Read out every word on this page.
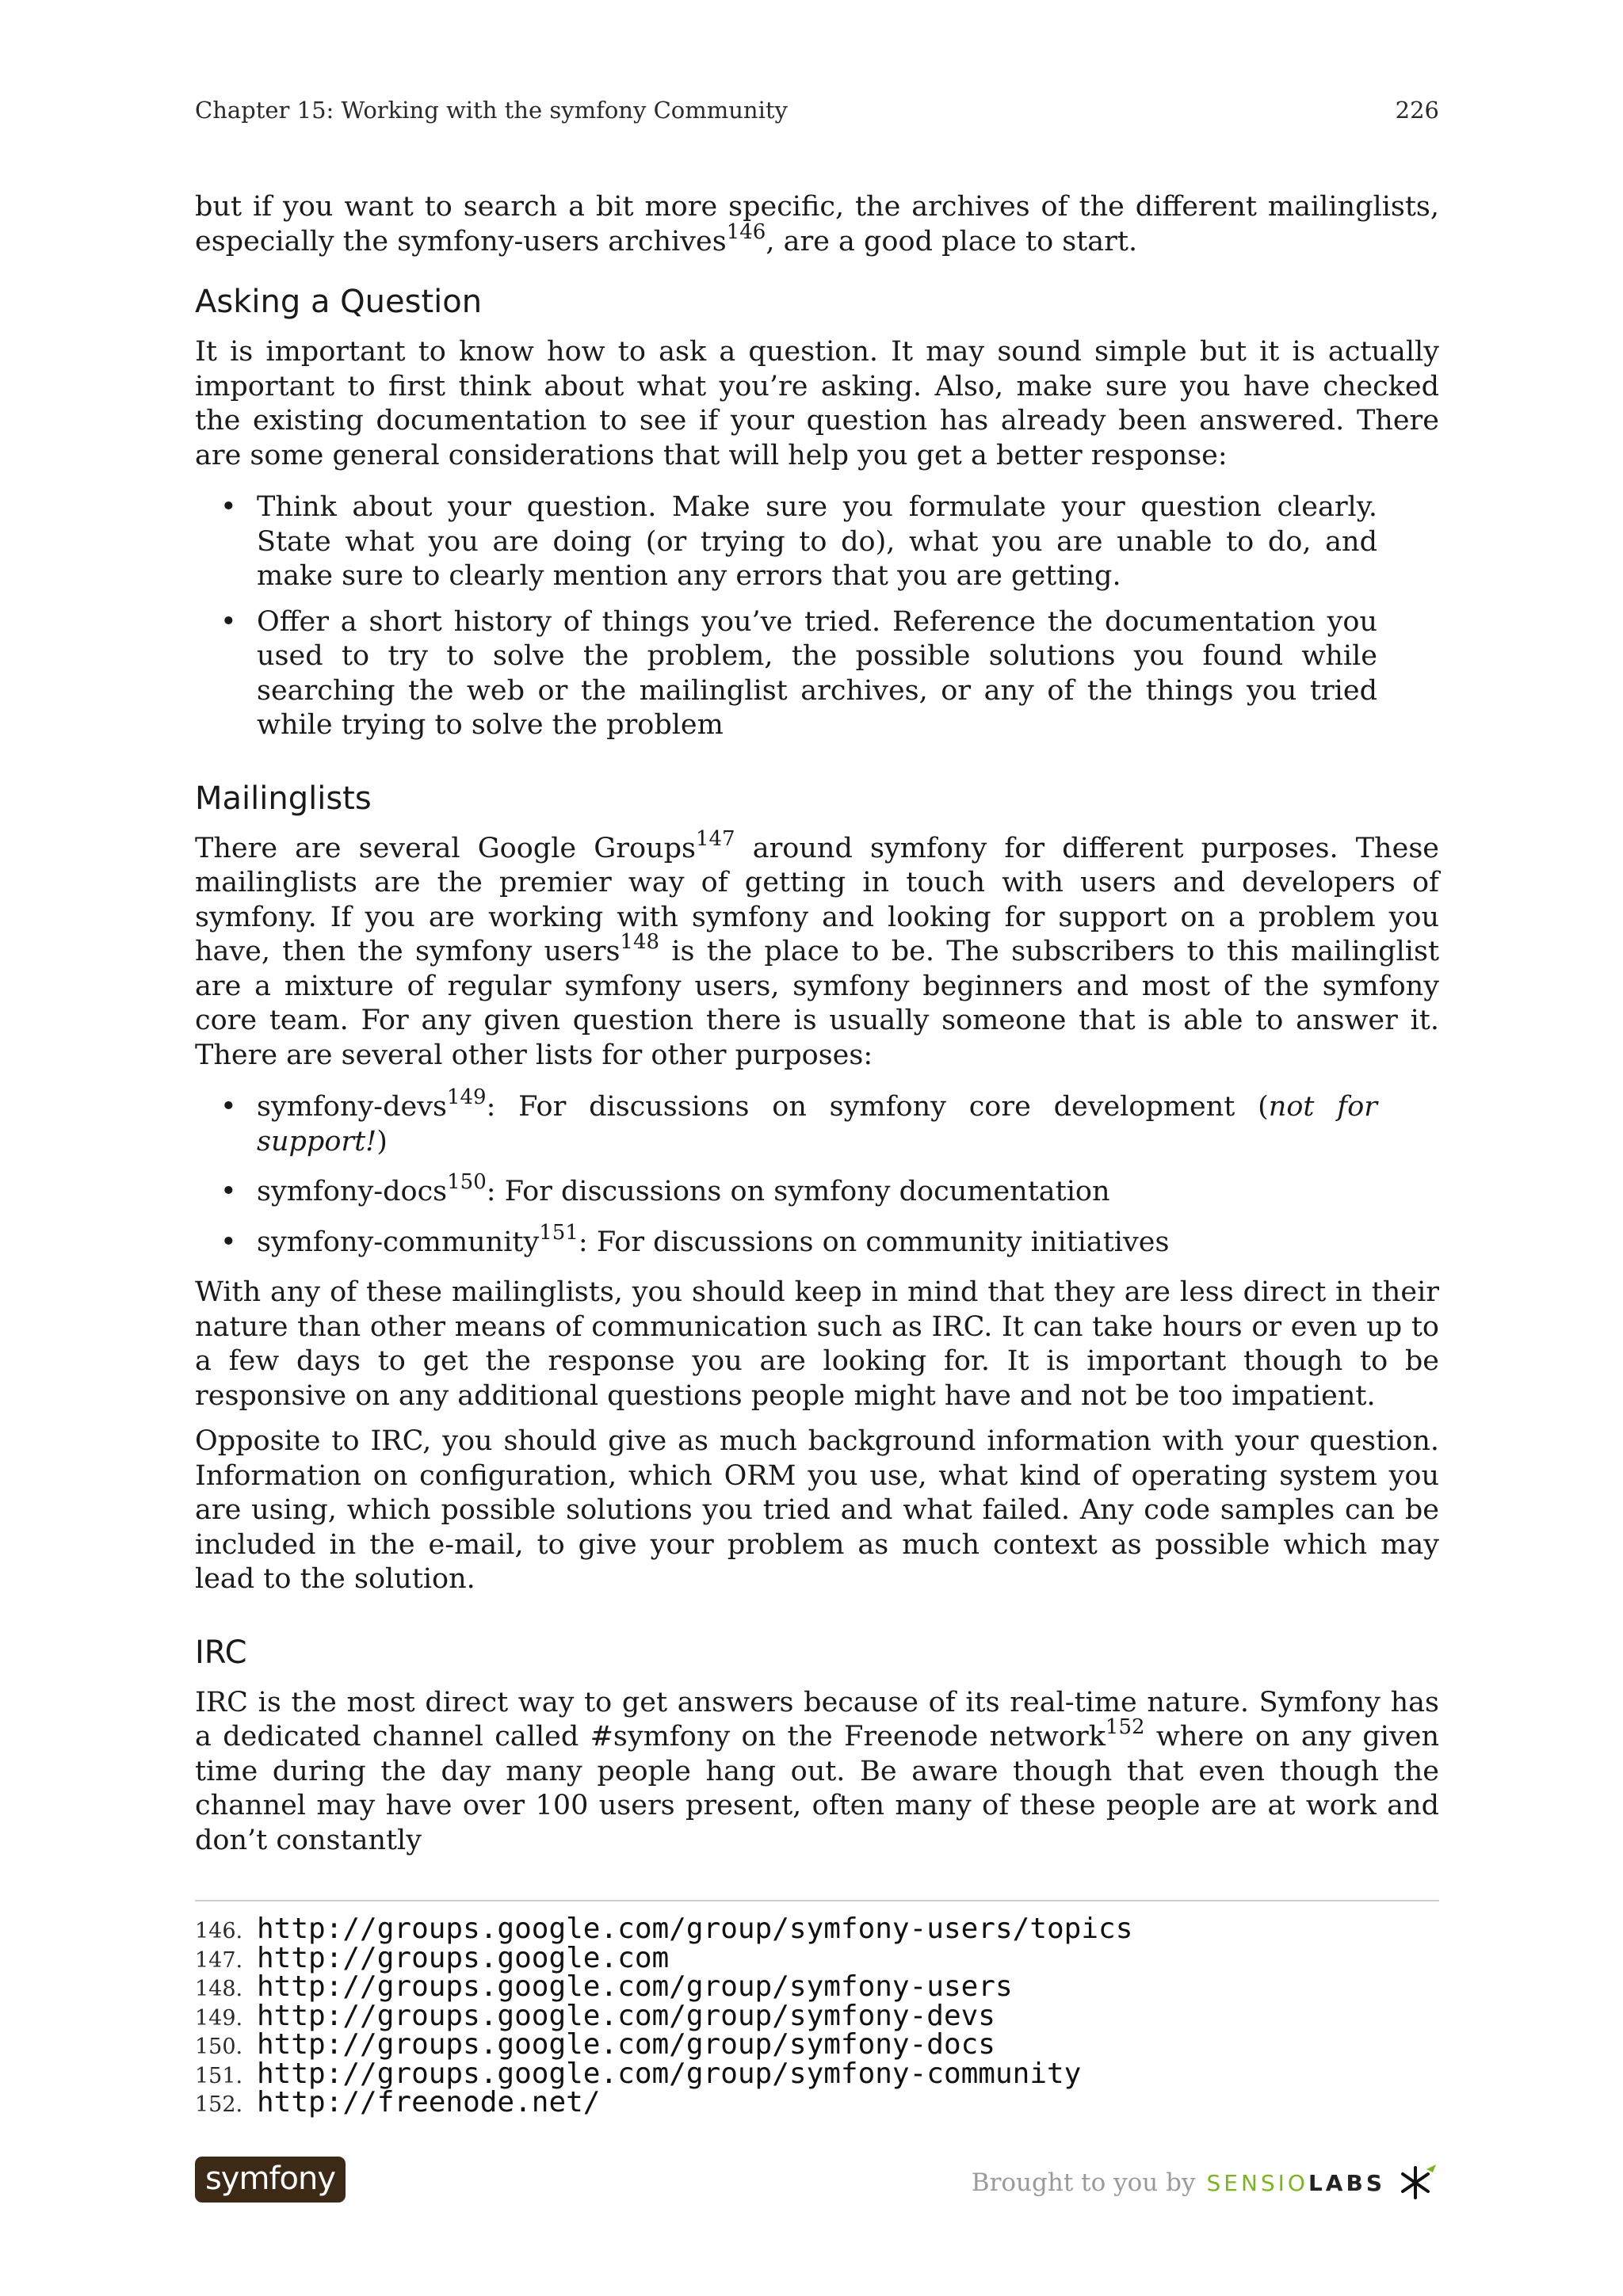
Chapter 15: Working with the symfony Community	226

but if you want to search a bit more specific, the archives of the different mailinglists, especially the symfony-users archives$^{146}$, are a good place to start.

Asking a Question

It is important to know how to ask a question. It may sound simple but it is actually important to first think about what you’re asking. Also, make sure you have checked the existing documentation to see if your question has already been answered. There are some general considerations that will help you get a better response:

• Think about your question. Make sure you formulate your question clearly. State what you are doing (or trying to do), what you are unable to do, and make sure to clearly mention any errors that you are getting.
• Offer a short history of things you’ve tried. Reference the documentation you used to try to solve the problem, the possible solutions you found while searching the web or the mailinglist archives, or any of the things you tried while trying to solve the problem
Mailinglists

There are several Google Groups$^{147}$ around symfony for different purposes. These mailinglists are the premier way of getting in touch with users and developers of symfony. If you are working with symfony and looking for support on a problem you have, then the symfony users$^{148}$ is the place to be. The subscribers to this mailinglist are a mixture of regular symfony users, symfony beginners and most of the symfony core team. For any given question there is usually someone that is able to answer it. There are several other lists for other purposes:

• symfony-devs$^{149}$: For discussions on symfony core development (not for support!)
• symfony-docs$^{150}$: For discussions on symfony documentation
• symfony-community$^{151}$: For discussions on community initiatives

With any of these mailinglists, you should keep in mind that they are less direct in their nature than other means of communication such as IRC. It can take hours or even up to a few days to get the response you are looking for. It is important though to be responsive on any additional questions people might have and not be too impatient.

Opposite to IRC, you should give as much background information with your question. Information on configuration, which ORM you use, what kind of operating system you are using, which possible solutions you tried and what failed. Any code samples can be included in the e-mail, to give your problem as much context as possible which may lead to the solution.

IRC

IRC is the most direct way to get answers because of its real-time nature. Symfony has a dedicated channel called #symfony on the Freenode network$^{152}$ where on any given time during the day many people hang out. Be aware though that even though the channel may have over 100 users present, often many of these people are at work and don’t constantly

146. http://groups.google.com/group/symfony-users/topics
147. http://groups.google.com
148. http://groups.google.com/group/symfony-users
149. http://groups.google.com/group/symfony-devs
150. http://groups.google.com/group/symfony-docs
151. http://groups.google.com/group/symfony-community
152. http://freenode.net/
symfony	Brought to you by SENSIO LABS
